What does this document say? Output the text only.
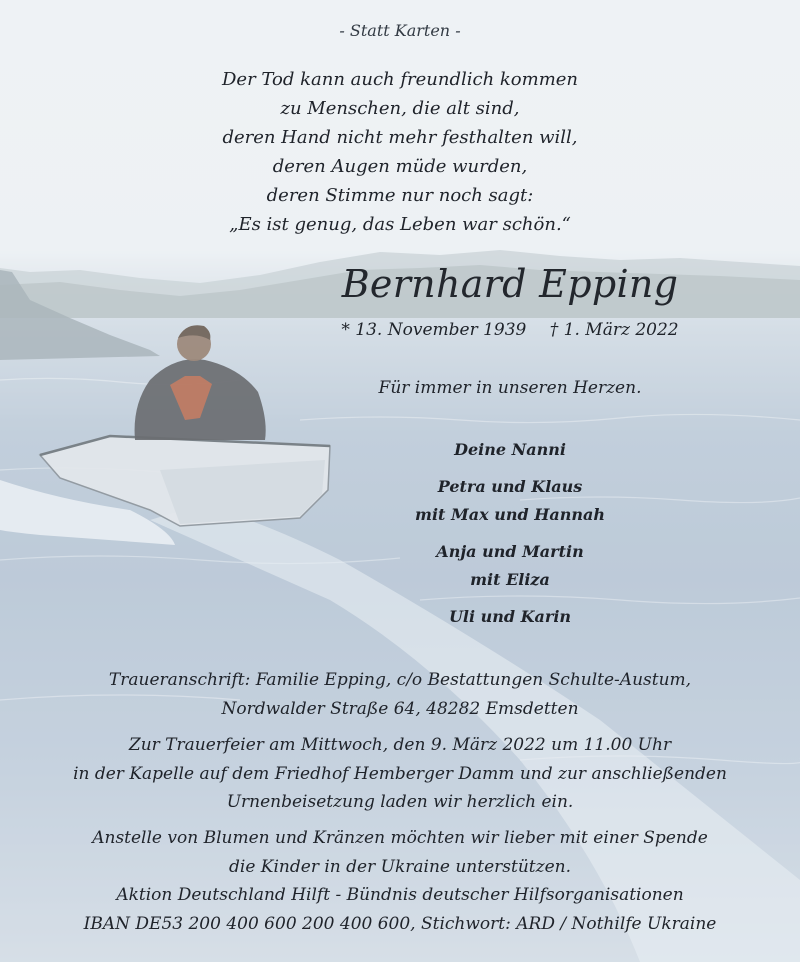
- Statt Karten -
Der Tod kann auch freundlich kommen
zu Menschen, die alt sind,
deren Hand nicht mehr festhalten will,
deren Augen müde wurden,
deren Stimme nur noch sagt:
„Es ist genug, das Leben war schön.“
Bernhard Epping
* 13. November 1939 † 1. März 2022
Für immer in unseren Herzen.
Deine Nanni
Petra und Klaus
mit Max und Hannah
Anja und Martin
mit Eliza
Uli und Karin
Traueranschrift: Familie Epping, c/o Bestattungen Schulte-Austum,
Nordwalder Straße 64, 48282 Emsdetten
Zur Trauerfeier am Mittwoch, den 9. März 2022 um 11.00 Uhr
in der Kapelle auf dem Friedhof Hemberger Damm und zur anschließenden
Urnenbeisetzung laden wir herzlich ein.
Anstelle von Blumen und Kränzen möchten wir lieber mit einer Spende
die Kinder in der Ukraine unterstützen.
Aktion Deutschland Hilft - Bündnis deutscher Hilfsorganisationen
IBAN DE53 200 400 600 200 400 600, Stichwort: ARD / Nothilfe Ukraine
